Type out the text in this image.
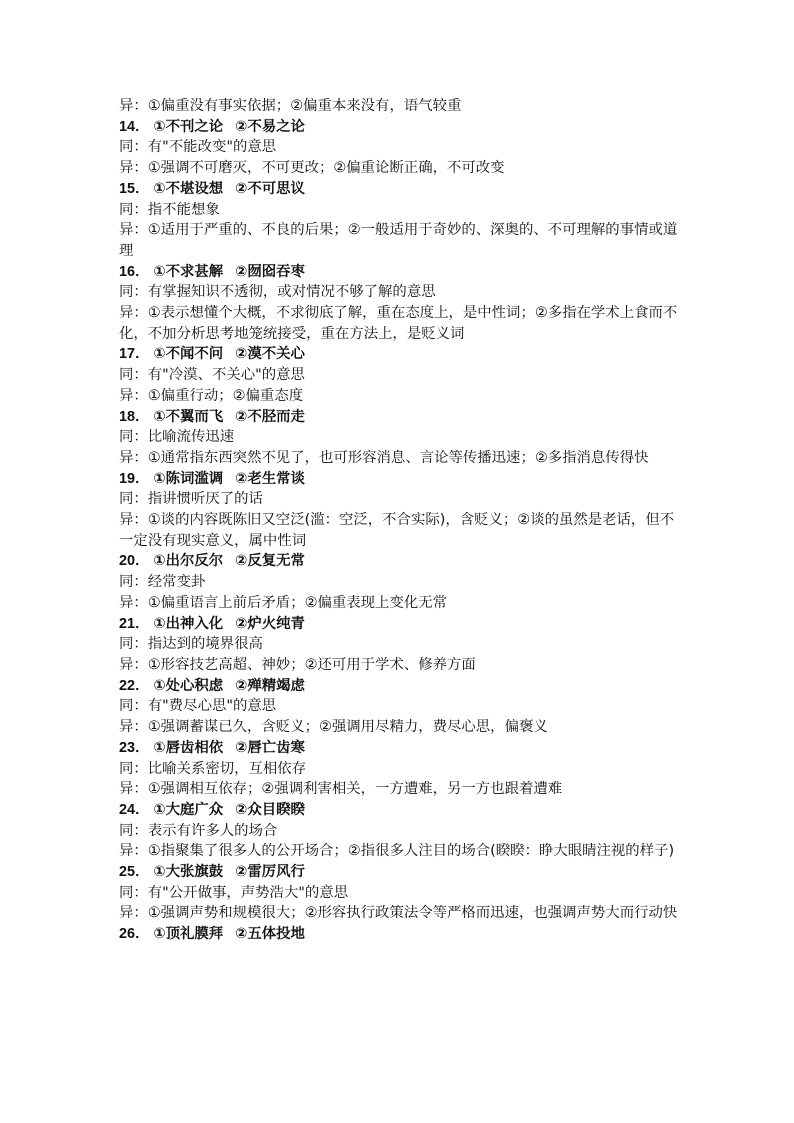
异：①偏重没有事实依据；②偏重本来没有，语气较重
14． ①不刊之论 ②不易之论
同：有"不能改变"的意思
异：①强调不可磨灭，不可更改；②偏重论断正确，不可改变
15． ①不堪设想 ②不可思议
同：指不能想象
异：①适用于严重的、不良的后果；②一般适用于奇妙的、深奥的、不可理解的事情或道理
16． ①不求甚解 ②囫囵吞枣
同：有掌握知识不透彻，或对情况不够了解的意思
异：①表示想懂个大概，不求彻底了解，重在态度上，是中性词；②多指在学术上食而不化，不加分析思考地笼统接受，重在方法上，是贬义词
17． ①不闻不问 ②漠不关心
同：有"冷漠、不关心"的意思
异：①偏重行动；②偏重态度
18． ①不翼而飞 ②不胫而走
同：比喻流传迅速
异：①通常指东西突然不见了，也可形容消息、言论等传播迅速；②多指消息传得快
19． ①陈词滥调 ②老生常谈
同：指讲惯听厌了的话
异：①谈的内容既陈旧又空泛(滥：空泛，不合实际)，含贬义；②谈的虽然是老话，但不一定没有现实意义，属中性词
20． ①出尔反尔 ②反复无常
同：经常变卦
异：①偏重语言上前后矛盾；②偏重表现上变化无常
21． ①出神入化 ②炉火纯青
同：指达到的境界很高
异：①形容技艺高超、神妙；②还可用于学术、修养方面
22． ①处心积虑 ②殚精竭虑
同：有"费尽心思"的意思
异：①强调蓄谋已久，含贬义；②强调用尽精力，费尽心思，偏褒义
23． ①唇齿相依 ②唇亡齿寒
同：比喻关系密切，互相依存
异：①强调相互依存；②强调利害相关，一方遭难，另一方也跟着遭难
24． ①大庭广众 ②众目睽睽
同：表示有许多人的场合
异：①指聚集了很多人的公开场合；②指很多人注目的场合(睽睽：睁大眼睛注视的样子)
25． ①大张旗鼓 ②雷厉风行
同：有"公开做事，声势浩大"的意思
异：①强调声势和规模很大；②形容执行政策法令等严格而迅速，也强调声势大而行动快
26． ①顶礼膜拜 ②五体投地
